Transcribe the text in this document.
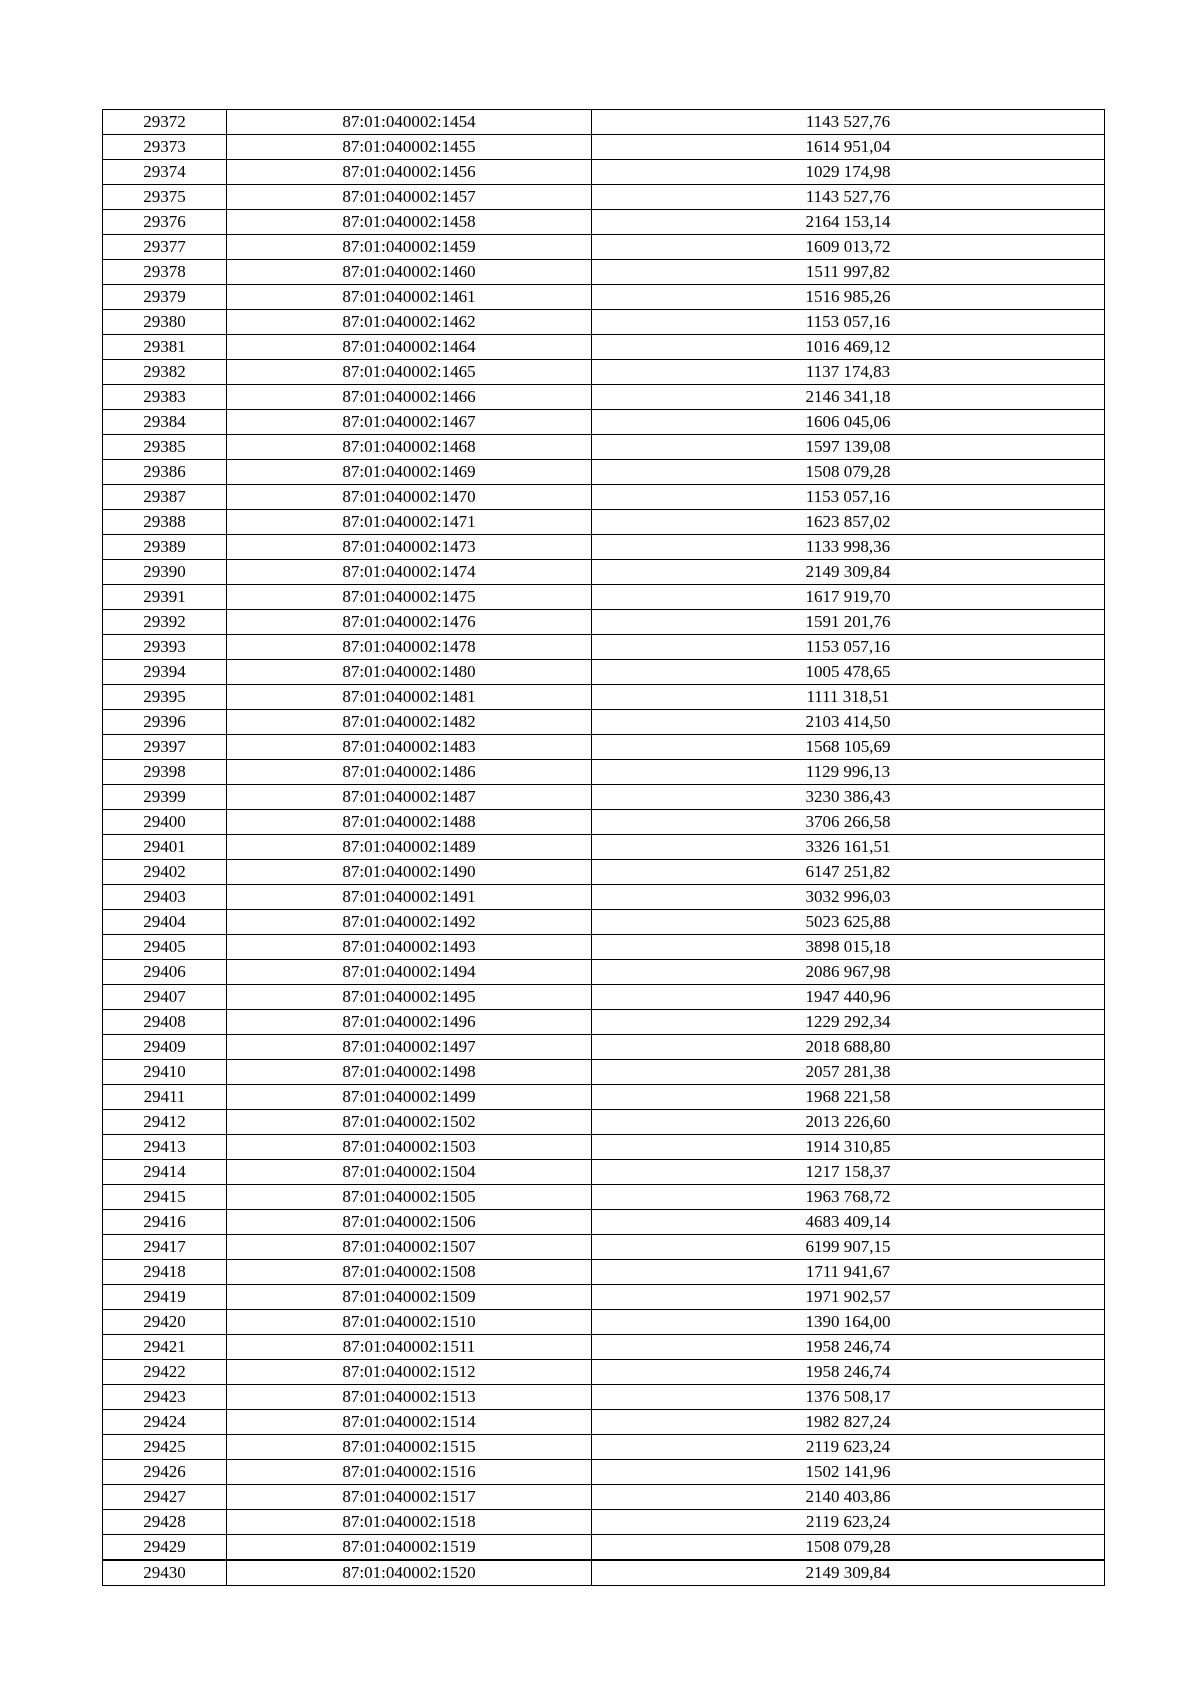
29372	87:01:040002:1454	1143 527,76
29373	87:01:040002:1455	1614 951,04
29374	87:01:040002:1456	1029 174,98
29375	87:01:040002:1457	1143 527,76
29376	87:01:040002:1458	2164 153,14
29377	87:01:040002:1459	1609 013,72
29378	87:01:040002:1460	1511 997,82
29379	87:01:040002:1461	1516 985,26
29380	87:01:040002:1462	1153 057,16
29381	87:01:040002:1464	1016 469,12
29382	87:01:040002:1465	1137 174,83
29383	87:01:040002:1466	2146 341,18
29384	87:01:040002:1467	1606 045,06
29385	87:01:040002:1468	1597 139,08
29386	87:01:040002:1469	1508 079,28
29387	87:01:040002:1470	1153 057,16
29388	87:01:040002:1471	1623 857,02
29389	87:01:040002:1473	1133 998,36
29390	87:01:040002:1474	2149 309,84
29391	87:01:040002:1475	1617 919,70
29392	87:01:040002:1476	1591 201,76
29393	87:01:040002:1478	1153 057,16
29394	87:01:040002:1480	1005 478,65
29395	87:01:040002:1481	1111 318,51
29396	87:01:040002:1482	2103 414,50
29397	87:01:040002:1483	1568 105,69
29398	87:01:040002:1486	1129 996,13
29399	87:01:040002:1487	3230 386,43
29400	87:01:040002:1488	3706 266,58
29401	87:01:040002:1489	3326 161,51
29402	87:01:040002:1490	6147 251,82
29403	87:01:040002:1491	3032 996,03
29404	87:01:040002:1492	5023 625,88
29405	87:01:040002:1493	3898 015,18
29406	87:01:040002:1494	2086 967,98
29407	87:01:040002:1495	1947 440,96
29408	87:01:040002:1496	1229 292,34
29409	87:01:040002:1497	2018 688,80
29410	87:01:040002:1498	2057 281,38
29411	87:01:040002:1499	1968 221,58
29412	87:01:040002:1502	2013 226,60
29413	87:01:040002:1503	1914 310,85
29414	87:01:040002:1504	1217 158,37
29415	87:01:040002:1505	1963 768,72
29416	87:01:040002:1506	4683 409,14
29417	87:01:040002:1507	6199 907,15
29418	87:01:040002:1508	1711 941,67
29419	87:01:040002:1509	1971 902,57
29420	87:01:040002:1510	1390 164,00
29421	87:01:040002:1511	1958 246,74
29422	87:01:040002:1512	1958 246,74
29423	87:01:040002:1513	1376 508,17
29424	87:01:040002:1514	1982 827,24
29425	87:01:040002:1515	2119 623,24
29426	87:01:040002:1516	1502 141,96
29427	87:01:040002:1517	2140 403,86
29428	87:01:040002:1518	2119 623,24
29429	87:01:040002:1519	1508 079,28
29430	87:01:040002:1520	2149 309,84
